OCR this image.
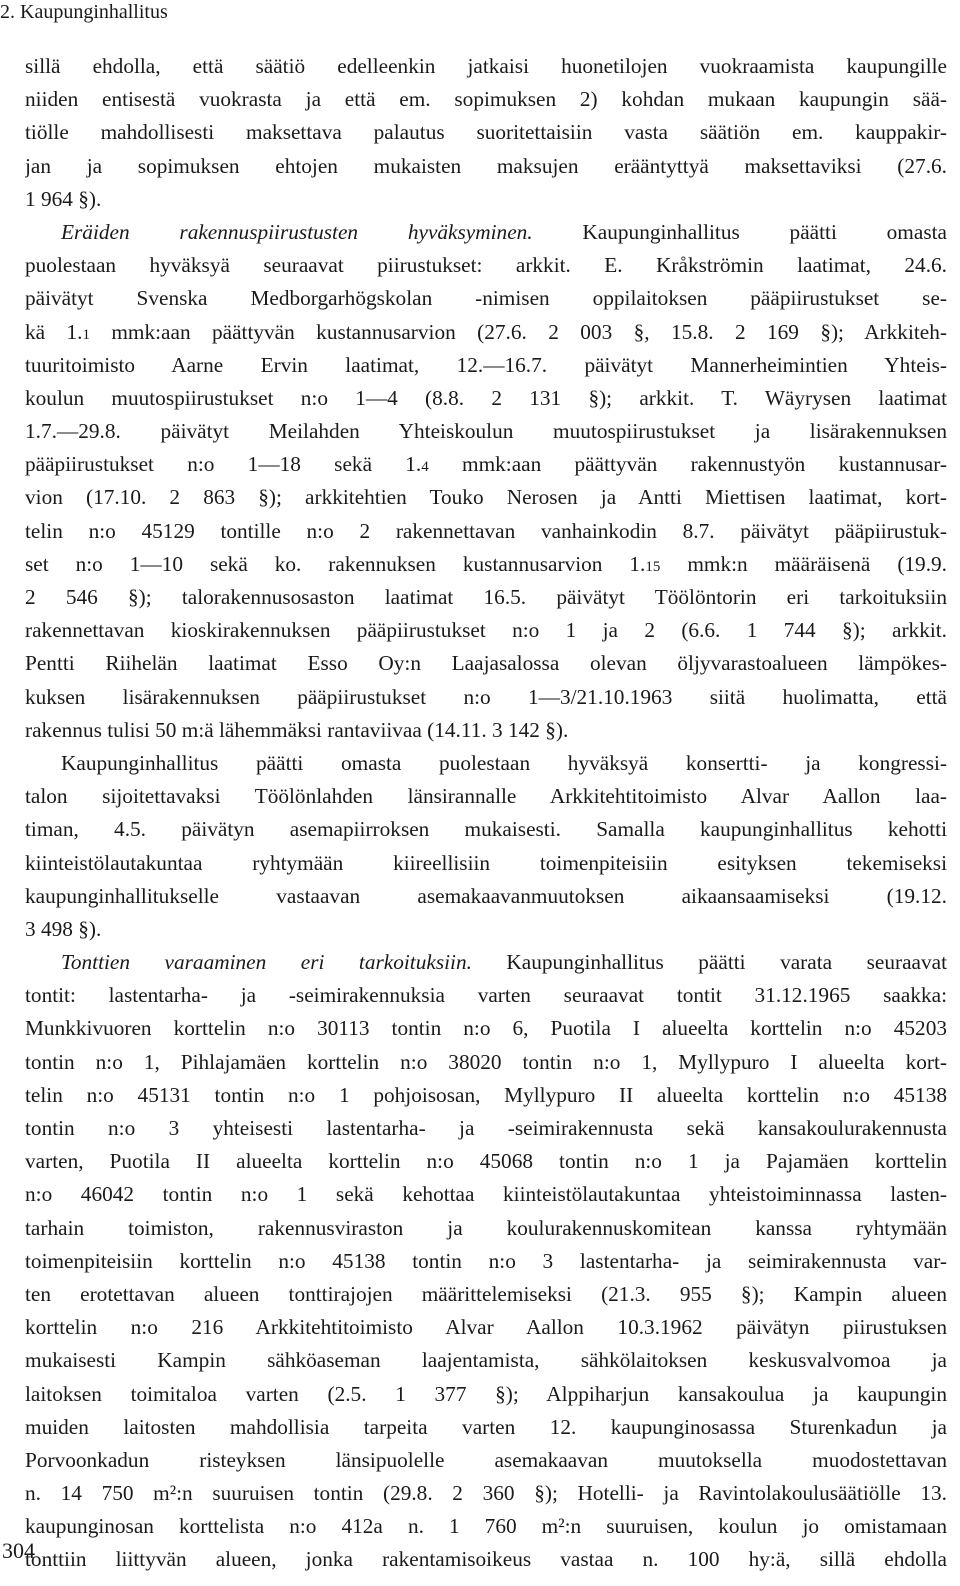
2. Kaupunginhallitus
sillä ehdolla, että säätiö edelleenkin jatkaisi huonetilojen vuokraamista kaupungille
niiden entisestä vuokrasta ja että em. sopimuksen 2) kohdan mukaan kaupungin sää-
tiölle mahdollisesti maksettava palautus suoritettaisiin vasta säätiön em. kauppakir-
jan ja sopimuksen ehtojen mukaisten maksujen erääntyttyä maksettaviksi (27.6.
1 964 §).
Eräiden rakennuspiirustusten hyväksyminen. Kaupunginhallitus päätti omasta
puolestaan hyväksyä seuraavat piirustukset: arkkit. E. Kråkströmin laatimat, 24.6.
päivätyt Svenska Medborgarhögskolan -nimisen oppilaitoksen pääpiirustukset se-
kä 1.1 mmk:aan päättyvän kustannusarvion (27.6. 2 003 §, 15.8. 2 169 §); Arkkiteh-
tuuritoimisto Aarne Ervin laatimat, 12.—16.7. päivätyt Mannerheimintien Yhteis-
koulun muutospiirustukset n:o 1—4 (8.8. 2 131 §); arkkit. T. Wäyrysen laatimat
1.7.—29.8. päivätyt Meilahden Yhteiskoulun muutospiirustukset ja lisärakennuksen
pääpiirustukset n:o 1—18 sekä 1.4 mmk:aan päättyvän rakennustyön kustannusar-
vion (17.10. 2 863 §); arkkitehtien Touko Nerosen ja Antti Miettisen laatimat, kort-
telin n:o 45129 tontille n:o 2 rakennettavan vanhainkodin 8.7. päivätyt pääpiirustuk-
set n:o 1—10 sekä ko. rakennuksen kustannusarvion 1.15 mmk:n määräisenä (19.9.
2 546 §); talorakennusosaston laatimat 16.5. päivätyt Töölöntorin eri tarkoituksiin
rakennettavan kioskirakennuksen pääpiirustukset n:o 1 ja 2 (6.6. 1 744 §); arkkit.
Pentti Riihelän laatimat Esso Oy:n Laajasalossa olevan öljyvarastoalueen lämpökes-
kuksen lisärakennuksen pääpiirustukset n:o 1—3/21.10.1963 siitä huolimatta, että
rakennus tulisi 50 m:ä lähemmäksi rantaviivaa (14.11. 3 142 §).
Kaupunginhallitus päätti omasta puolestaan hyväksyä konsertti- ja kongressi-
talon sijoitettavaksi Töölönlahden länsirannalle Arkkitehtitoimisto Alvar Aallon laa-
timan, 4.5. päivätyn asemapiirroksen mukaisesti. Samalla kaupunginhallitus kehotti
kiinteistölautakuntaa ryhtymään kiireellisiin toimenpiteisiin esityksen tekemiseksi
kaupunginhallitukselle vastaavan asemakaavanmuutoksen aikaansaamiseksi (19.12.
3 498 §).
Tonttien varaaminen eri tarkoituksiin. Kaupunginhallitus päätti varata seuraavat
tontit: lastentarha- ja -seimirakennuksia varten seuraavat tontit 31.12.1965 saakka:
Munkkivuoren korttelin n:o 30113 tontin n:o 6, Puotila I alueelta korttelin n:o 45203
tontin n:o 1, Pihlajamäen korttelin n:o 38020 tontin n:o 1, Myllypuro I alueelta kort-
telin n:o 45131 tontin n:o 1 pohjoisosan, Myllypuro II alueelta korttelin n:o 45138
tontin n:o 3 yhteisesti lastentarha- ja -seimirakennusta sekä kansakoulurakennusta
varten, Puotila II alueelta korttelin n:o 45068 tontin n:o 1 ja Pajamäen korttelin
n:o 46042 tontin n:o 1 sekä kehottaa kiinteistölautakuntaa yhteistoiminnassa lasten-
tarhain toimiston, rakennusviraston ja koulurakennuskomitean kanssa ryhtymään
toimenpiteisiin korttelin n:o 45138 tontin n:o 3 lastentarha- ja seimirakennusta var-
ten erotettavan alueen tonttirajojen määrittelemiseksi (21.3. 955 §); Kampin alueen
korttelin n:o 216 Arkkitehtitoimisto Alvar Aallon 10.3.1962 päivätyn piirustuksen
mukaisesti Kampin sähköaseman laajentamista, sähkölaitoksen keskusvalvomoa ja
laitoksen toimitaloa varten (2.5. 1 377 §); Alppiharjun kansakoulua ja kaupungin
muiden laitosten mahdollisia tarpeita varten 12. kaupunginosassa Sturenkadun ja
Porvoonkadun risteyksen länsipuolelle asemakaavan muutoksella muodostettavan
n. 14 750 m²:n suuruisen tontin (29.8. 2 360 §); Hotelli- ja Ravintolakoulusäätiölle 13.
kaupunginosan korttelista n:o 412a n. 1 760 m²:n suuruisen, koulun jo omistamaan
tonttiin liittyvän alueen, jonka rakentamisoikeus vastaa n. 100 hy:ä, sillä ehdolla
304
